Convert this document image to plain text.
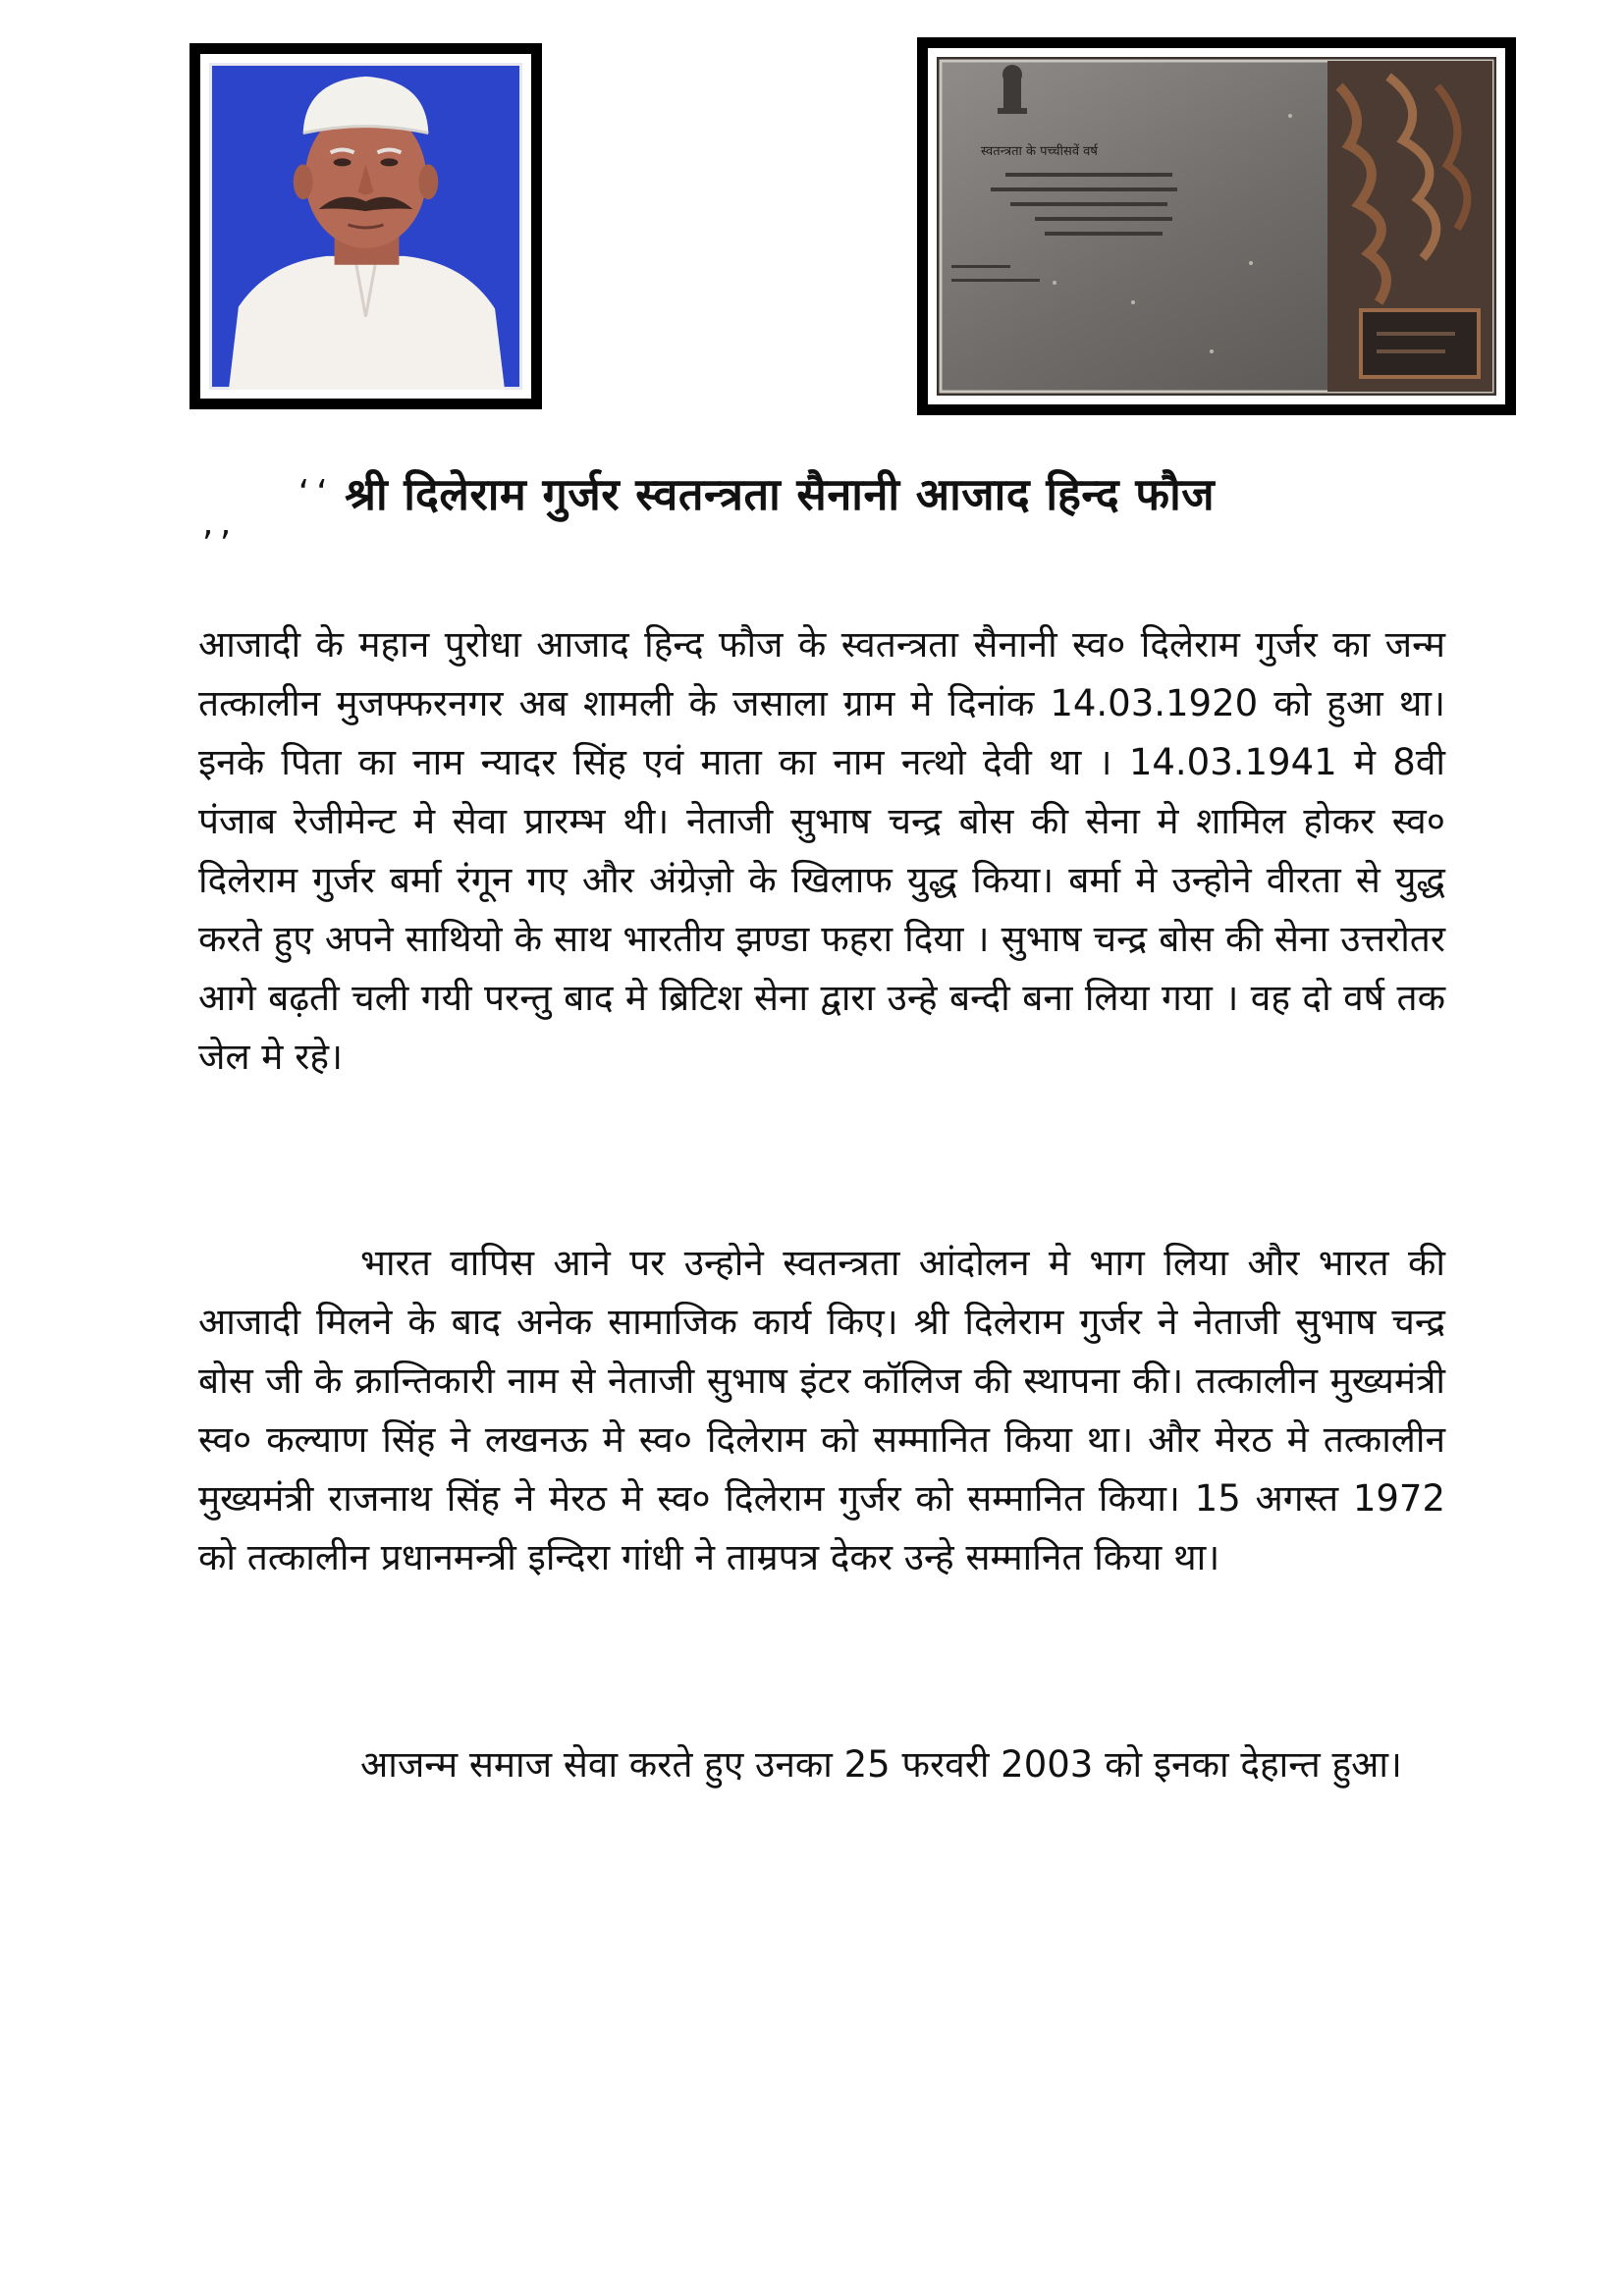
स्वतन्त्रता के पच्चीसवें वर्ष
‘‘ श्री दिलेराम गुर्जर स्वतन्त्रता सैनानी आजाद हिन्द फौज
’’

आजादी के महान पुरोधा आजाद हिन्द फौज के स्वतन्त्रता सैनानी स्व० दिलेराम गुर्जर का जन्म तत्कालीन मुजफ्फरनगर अब शामली के जसाला ग्राम मे दिनांक 14.03.1920 को हुआ था। इनके पिता का नाम न्यादर सिंह एवं माता का नाम नत्थो देवी था । 14.03.1941 मे 8वी पंजाब रेजीमेन्ट मे सेवा प्रारम्भ थी। नेताजी सुभाष चन्द्र बोस की सेना मे शामिल होकर स्व० दिलेराम गुर्जर बर्मा रंगून गए और अंग्रेज़ो के खिलाफ युद्ध किया। बर्मा मे उन्होने वीरता से युद्ध करते हुए अपने साथियो के साथ भारतीय झण्डा फहरा दिया । सुभाष चन्द्र बोस की सेना उत्तरोतर आगे बढ़ती चली गयी परन्तु बाद मे ब्रिटिश सेना द्वारा उन्हे बन्दी बना लिया गया । वह दो वर्ष तक जेल मे रहे।

भारत वापिस आने पर उन्होने स्वतन्त्रता आंदोलन मे भाग लिया और भारत की आजादी मिलने के बाद अनेक सामाजिक कार्य किए। श्री दिलेराम गुर्जर ने नेताजी सुभाष चन्द्र बोस जी के क्रान्तिकारी नाम से नेताजी सुभाष इंटर कॉलिज की स्थापना की। तत्कालीन मुख्यमंत्री स्व० कल्याण सिंह ने लखनऊ मे स्व० दिलेराम को सम्मानित किया था। और मेरठ मे तत्कालीन मुख्यमंत्री राजनाथ सिंह ने मेरठ मे स्व० दिलेराम गुर्जर को सम्मानित किया। 15 अगस्त 1972 को तत्कालीन प्रधानमन्त्री इन्दिरा गांधी ने ताम्रपत्र देकर उन्हे सम्मानित किया था।

आजन्म समाज सेवा करते हुए उनका 25 फरवरी 2003 को इनका देहान्त हुआ।
